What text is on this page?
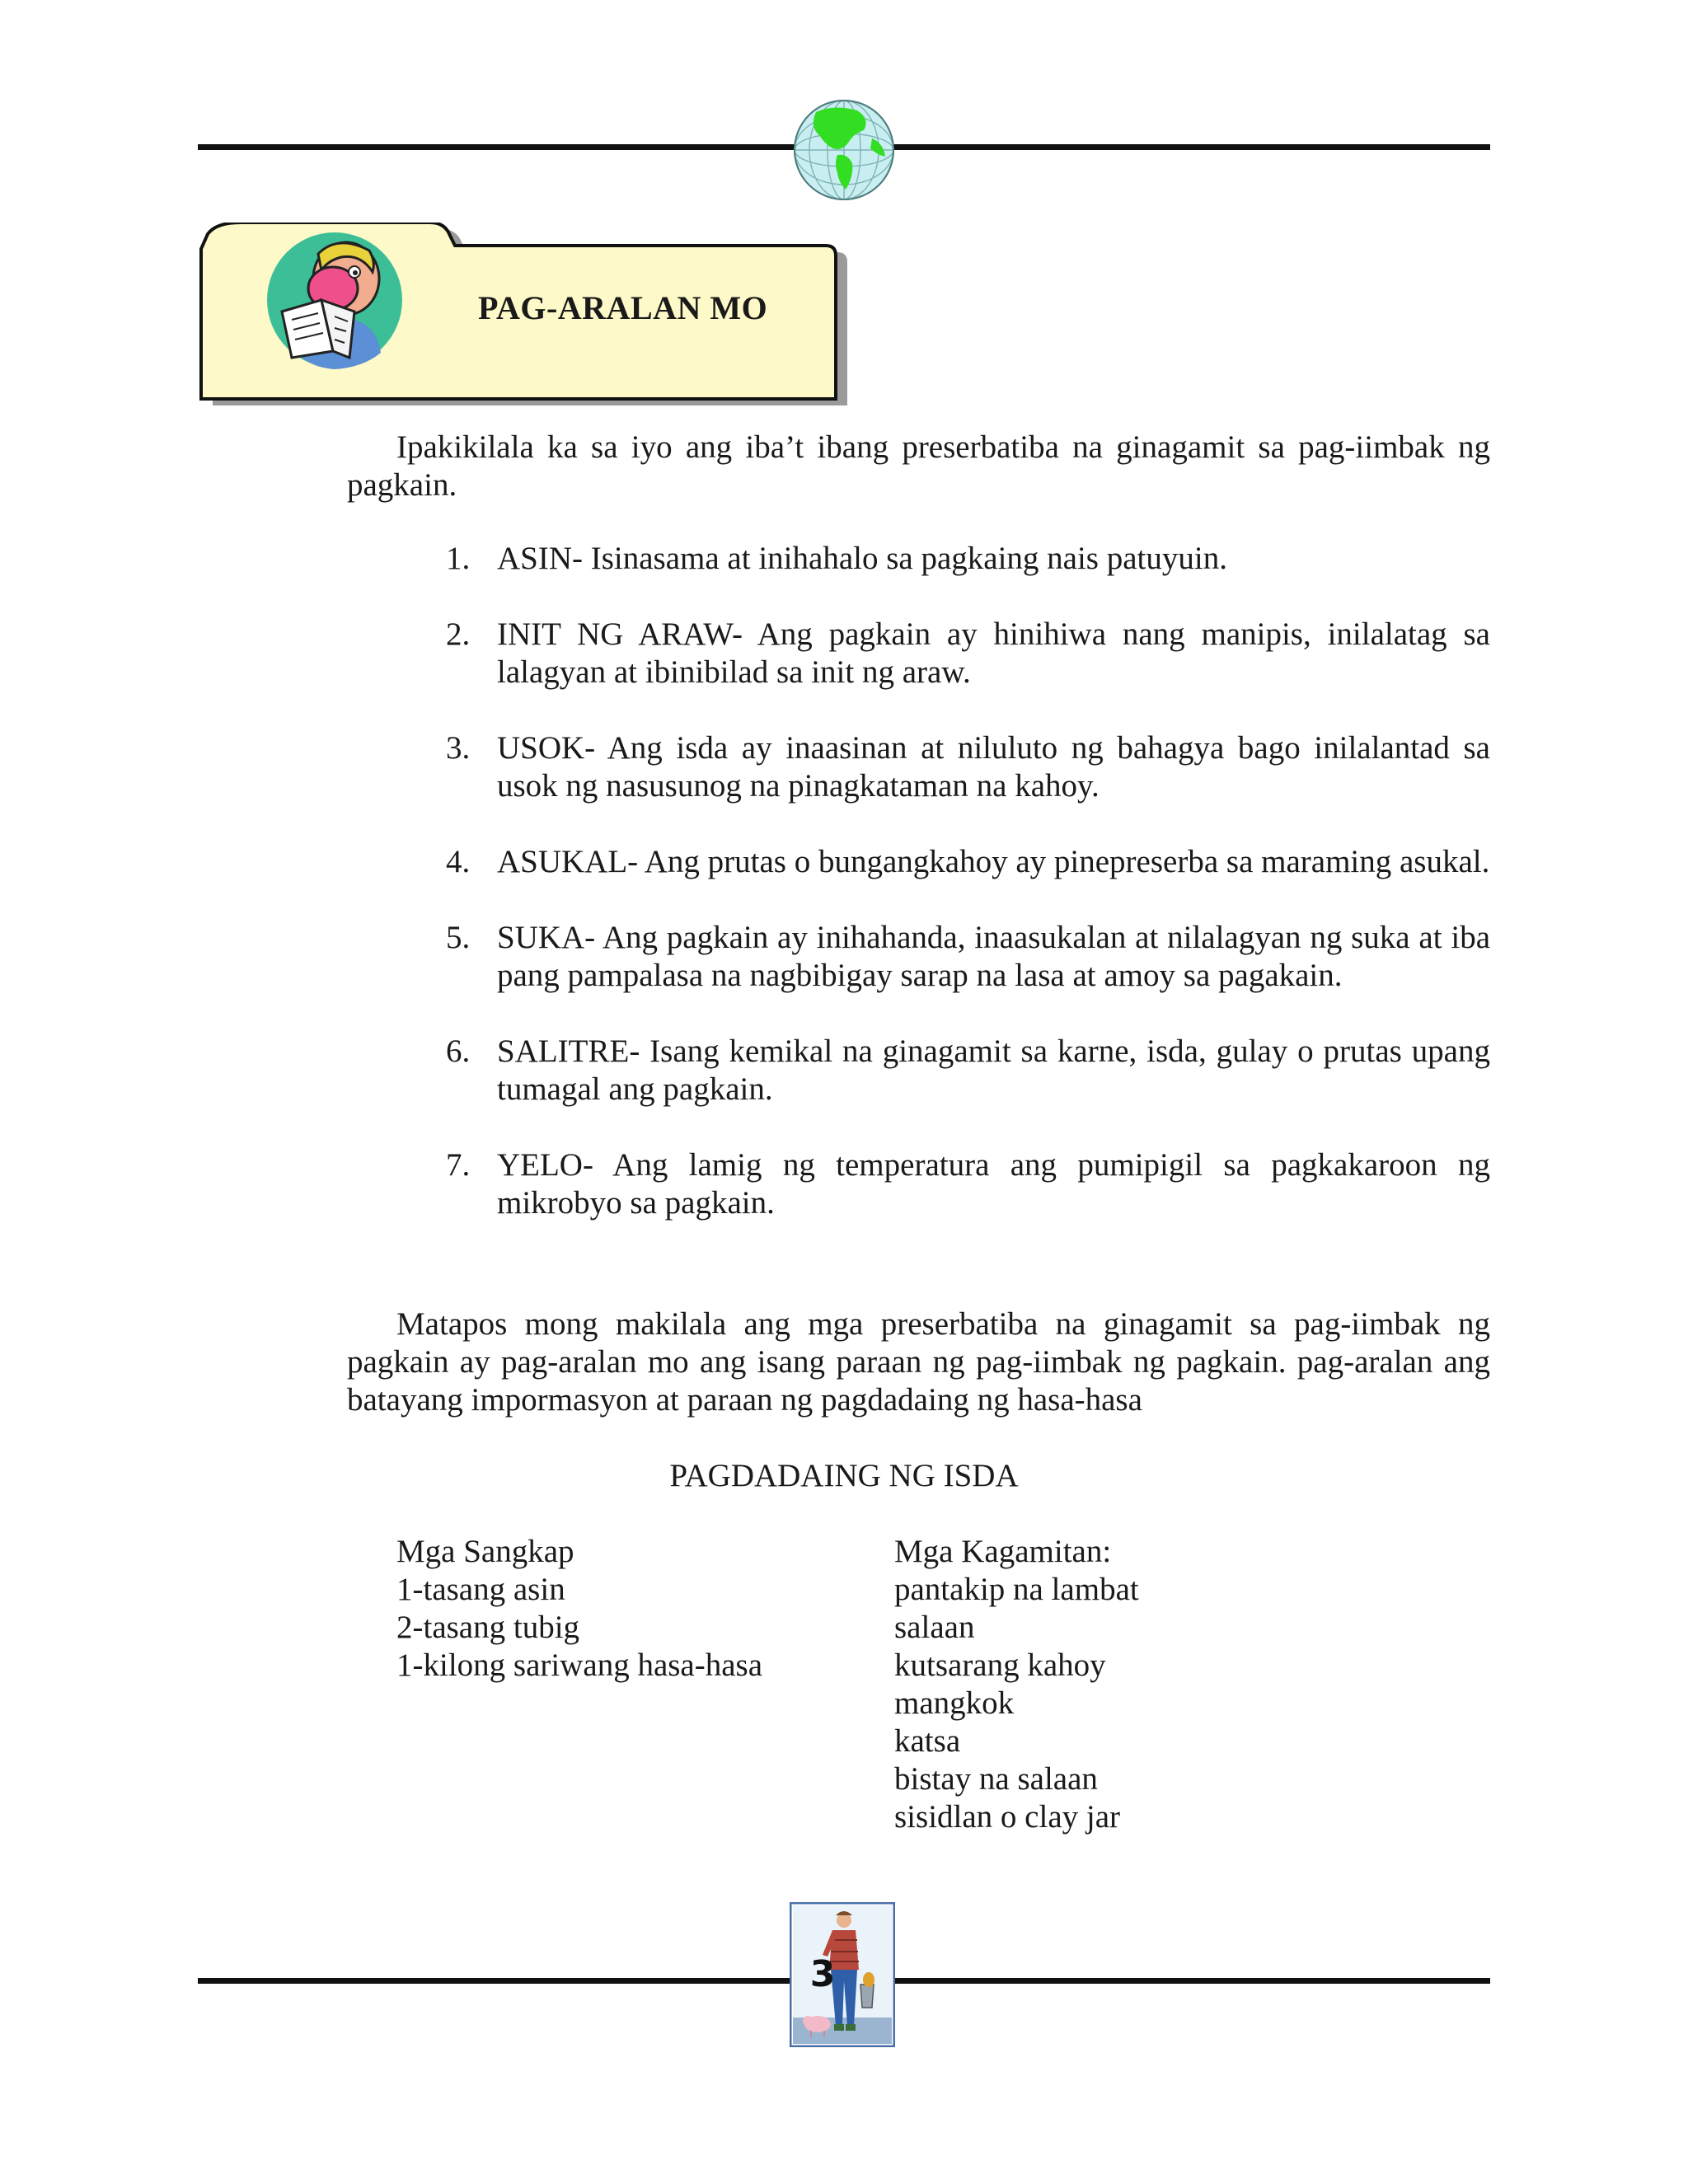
PAG-ARALAN MO

Ipakikilala ka sa iyo ang iba’t ibang preserbatiba na ginagamit sa pag-iimbak ng pagkain.

1. ASIN- Isinasama at inihahalo sa pagkaing nais patuyuin.
2. INIT NG ARAW- Ang pagkain ay hinihiwa nang manipis, inilalatag sa lalagyan at ibinibilad sa init ng araw.
3. USOK- Ang isda ay inaasinan at niluluto ng bahagya bago inilalantad sa usok ng nasusunog na pinagkataman na kahoy.
4. ASUKAL- Ang prutas o bungangkahoy ay pinepreserba sa maraming asukal.
5. SUKA- Ang pagkain ay inihahanda, inaasukalan at nilalagyan ng suka at iba pang pampalasa na nagbibigay sarap na lasa at amoy sa pagakain.
6. SALITRE- Isang kemikal na ginagamit sa karne, isda, gulay o prutas upang tumagal ang pagkain.
7. YELO- Ang lamig ng temperatura ang pumipigil sa pagkakaroon ng mikrobyo sa pagkain.

Matapos mong makilala ang mga preserbatiba na ginagamit sa pag-iimbak ng pagkain ay pag-aralan mo ang isang paraan ng pag-iimbak ng pagkain. pag-aralan ang batayang impormasyon at paraan ng pagdadaing ng hasa-hasa

PAGDADAING NG ISDA
Mga Sangkap
1-tasang asin
2-tasang tubig
1-kilong sariwang hasa-hasa
Mga Kagamitan:
pantakip na lambat
salaan
kutsarang kahoy
mangkok
katsa
bistay na salaan
sisidlan o clay jar
3
